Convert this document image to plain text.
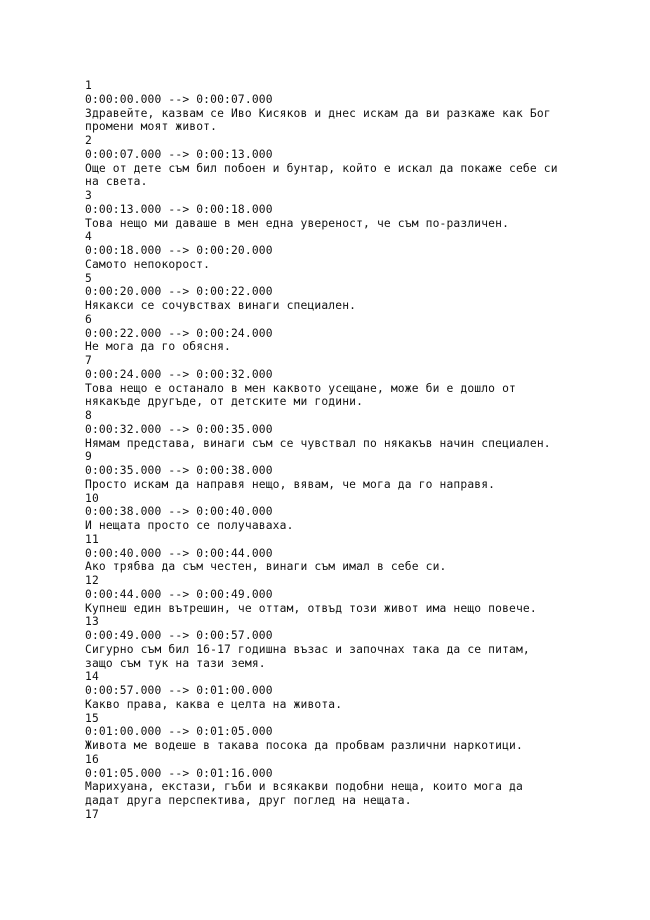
1
0:00:00.000 --> 0:00:07.000
Здравейте, казвам се Иво Кисяков и днес искам да ви разкаже как Бог
промени моят живот.
2
0:00:07.000 --> 0:00:13.000
Още от дете съм бил побоен и бунтар, който е искал да покаже себе си
на света.
3
0:00:13.000 --> 0:00:18.000
Това нещо ми даваше в мен една увереност, че съм по-различен.
4
0:00:18.000 --> 0:00:20.000
Самото непокорост.
5
0:00:20.000 --> 0:00:22.000
Някакси се сочувствах винаги специален.
6
0:00:22.000 --> 0:00:24.000
Не мога да го обясня.
7
0:00:24.000 --> 0:00:32.000
Това нещо е останало в мен каквото усещане, може би е дошло от
някакъде другъде, от детските ми години.
8
0:00:32.000 --> 0:00:35.000
Нямам представа, винаги съм се чувствал по някакъв начин специален.
9
0:00:35.000 --> 0:00:38.000
Просто искам да направя нещо, вявам, че мога да го направя.
10
0:00:38.000 --> 0:00:40.000
И нещата просто се получаваха.
11
0:00:40.000 --> 0:00:44.000
Ако трябва да съм честен, винаги съм имал в себе си.
12
0:00:44.000 --> 0:00:49.000
Купнеш един вътрешин, че оттам, отвъд този живот има нещо повече.
13
0:00:49.000 --> 0:00:57.000
Сигурно съм бил 16-17 годишна възас и започнах така да се питам,
защо съм тук на тази земя.
14
0:00:57.000 --> 0:01:00.000
Какво права, каква е целта на живота.
15
0:01:00.000 --> 0:01:05.000
Живота ме водеше в такава посока да пробвам различни наркотици.
16
0:01:05.000 --> 0:01:16.000
Марихуана, екстази, гъби и всякакви подобни неща, които мога да
дадат друга перспектива, друг поглед на нещата.
17
